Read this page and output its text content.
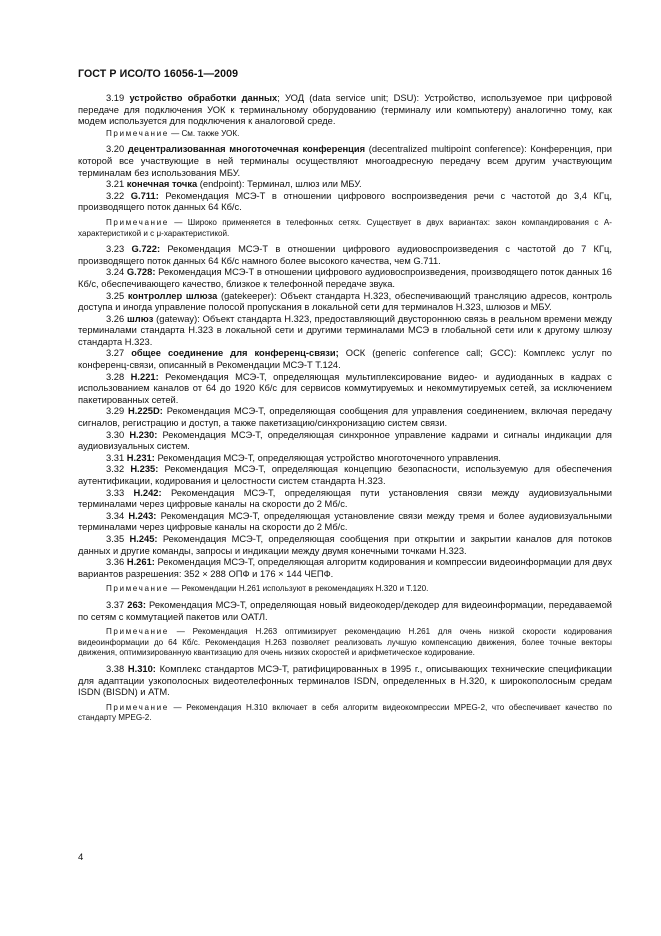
ГОСТ Р ИСО/ТО 16056-1—2009

3.19 устройство обработки данных; УОД (data service unit; DSU): Устройство, используемое при цифровой передаче для подключения УОК к терминальному оборудованию (терминалу или компьютеру) аналогично тому, как модем используется для подключения к аналоговой среде.

Примечание — См. также УОК.

3.20 децентрализованная многоточечная конференция (decentralized multipoint conference): Конференция, при которой все участвующие в ней терминалы осуществляют многоадресную передачу всем другим участвующим терминалам без использования МБУ.

3.21 конечная точка (endpoint): Терминал, шлюз или МБУ.

3.22 G.711: Рекомендация МСЭ-Т в отношении цифрового воспроизведения речи с частотой до 3,4 КГц, производящего поток данных 64 Кб/с.

Примечание — Широко применяется в телефонных сетях. Существует в двух вариантах: закон компандирования с A-характеристикой и с μ-характеристикой.

3.23 G.722: Рекомендация МСЭ-Т в отношении цифрового аудиовоспроизведения с частотой до 7 КГц, производящего поток данных 64 Кб/с намного более высокого качества, чем G.711.

3.24 G.728: Рекомендация МСЭ-Т в отношении цифрового аудиовоспроизведения, производящего поток данных 16 Кб/с, обеспечивающего качество, близкое к телефонной передаче звука.

3.25 контроллер шлюза (gatekeeper): Объект стандарта H.323, обеспечивающий трансляцию адресов, контроль доступа и иногда управление полосой пропускания в локальной сети для терминалов H.323, шлюзов и МБУ.

3.26 шлюз (gateway): Объект стандарта H.323, предоставляющий двустороннюю связь в реальном времени между терминалами стандарта H.323 в локальной сети и другими терминалами МСЭ в глобальной сети или к другому шлюзу стандарта H.323.

3.27 общее соединение для конференц-связи; ОСК (generic conference call; GCC): Комплекс услуг по конференц-связи, описанный в Рекомендации МСЭ-Т Т.124.

3.28 H.221: Рекомендация МСЭ-Т, определяющая мультиплексирование видео- и аудиоданных в кадрах с использованием каналов от 64 до 1920 Кб/с для сервисов коммутируемых и некоммутируемых сетей, за исключением пакетированных сетей.

3.29 H.225D: Рекомендация МСЭ-Т, определяющая сообщения для управления соединением, включая передачу сигналов, регистрацию и доступ, а также пакетизацию/синхронизацию систем связи.

3.30 H.230: Рекомендация МСЭ-Т, определяющая синхронное управление кадрами и сигналы индикации для аудиовизуальных систем.

3.31 H.231: Рекомендация МСЭ-Т, определяющая устройство многоточечного управления.

3.32 H.235: Рекомендация МСЭ-Т, определяющая концепцию безопасности, используемую для обеспечения аутентификации, кодирования и целостности систем стандарта H.323.

3.33 H.242: Рекомендация МСЭ-Т, определяющая пути установления связи между аудиовизуальными терминалами через цифровые каналы на скорости до 2 Мб/с.

3.34 H.243: Рекомендация МСЭ-Т, определяющая установление связи между тремя и более аудиовизуальными терминалами через цифровые каналы на скорости до 2 Мб/с.

3.35 H.245: Рекомендация МСЭ-Т, определяющая сообщения при открытии и закрытии каналов для потоков данных и другие команды, запросы и индикации между двумя конечными точками H.323.

3.36 H.261: Рекомендация МСЭ-Т, определяющая алгоритм кодирования и компрессии видеоинформации для двух вариантов разрешения: 352 × 288 ОПФ и 176 × 144 ЧЕПФ.

Примечание — Рекомендации H.261 используют в рекомендациях H.320 и Т.120.

3.37 263: Рекомендация МСЭ-Т, определяющая новый видеокодер/декодер для видеоинформации, передаваемой по сетям с коммутацией пакетов или ОАТЛ.

Примечание — Рекомендация H.263 оптимизирует рекомендацию H.261 для очень низкой скорости кодирования видеоинформации до 64 Кб/с. Рекомендация H.263 позволяет реализовать лучшую компенсацию движения, более точные векторы движения, оптимизированную квантизацию для очень низких скоростей и арифметическое кодирование.

3.38 H.310: Комплекс стандартов МСЭ-Т, ратифицированных в 1995 г., описывающих технические спецификации для адаптации узкополосных видеотелефонных терминалов ISDN, определенных в H.320, к широкополосным средам ISDN (BISDN) и ATM.

Примечание — Рекомендация H.310 включает в себя алгоритм видеокомпрессии MPEG-2, что обеспечивает качество по стандарту MPEG-2.

4
